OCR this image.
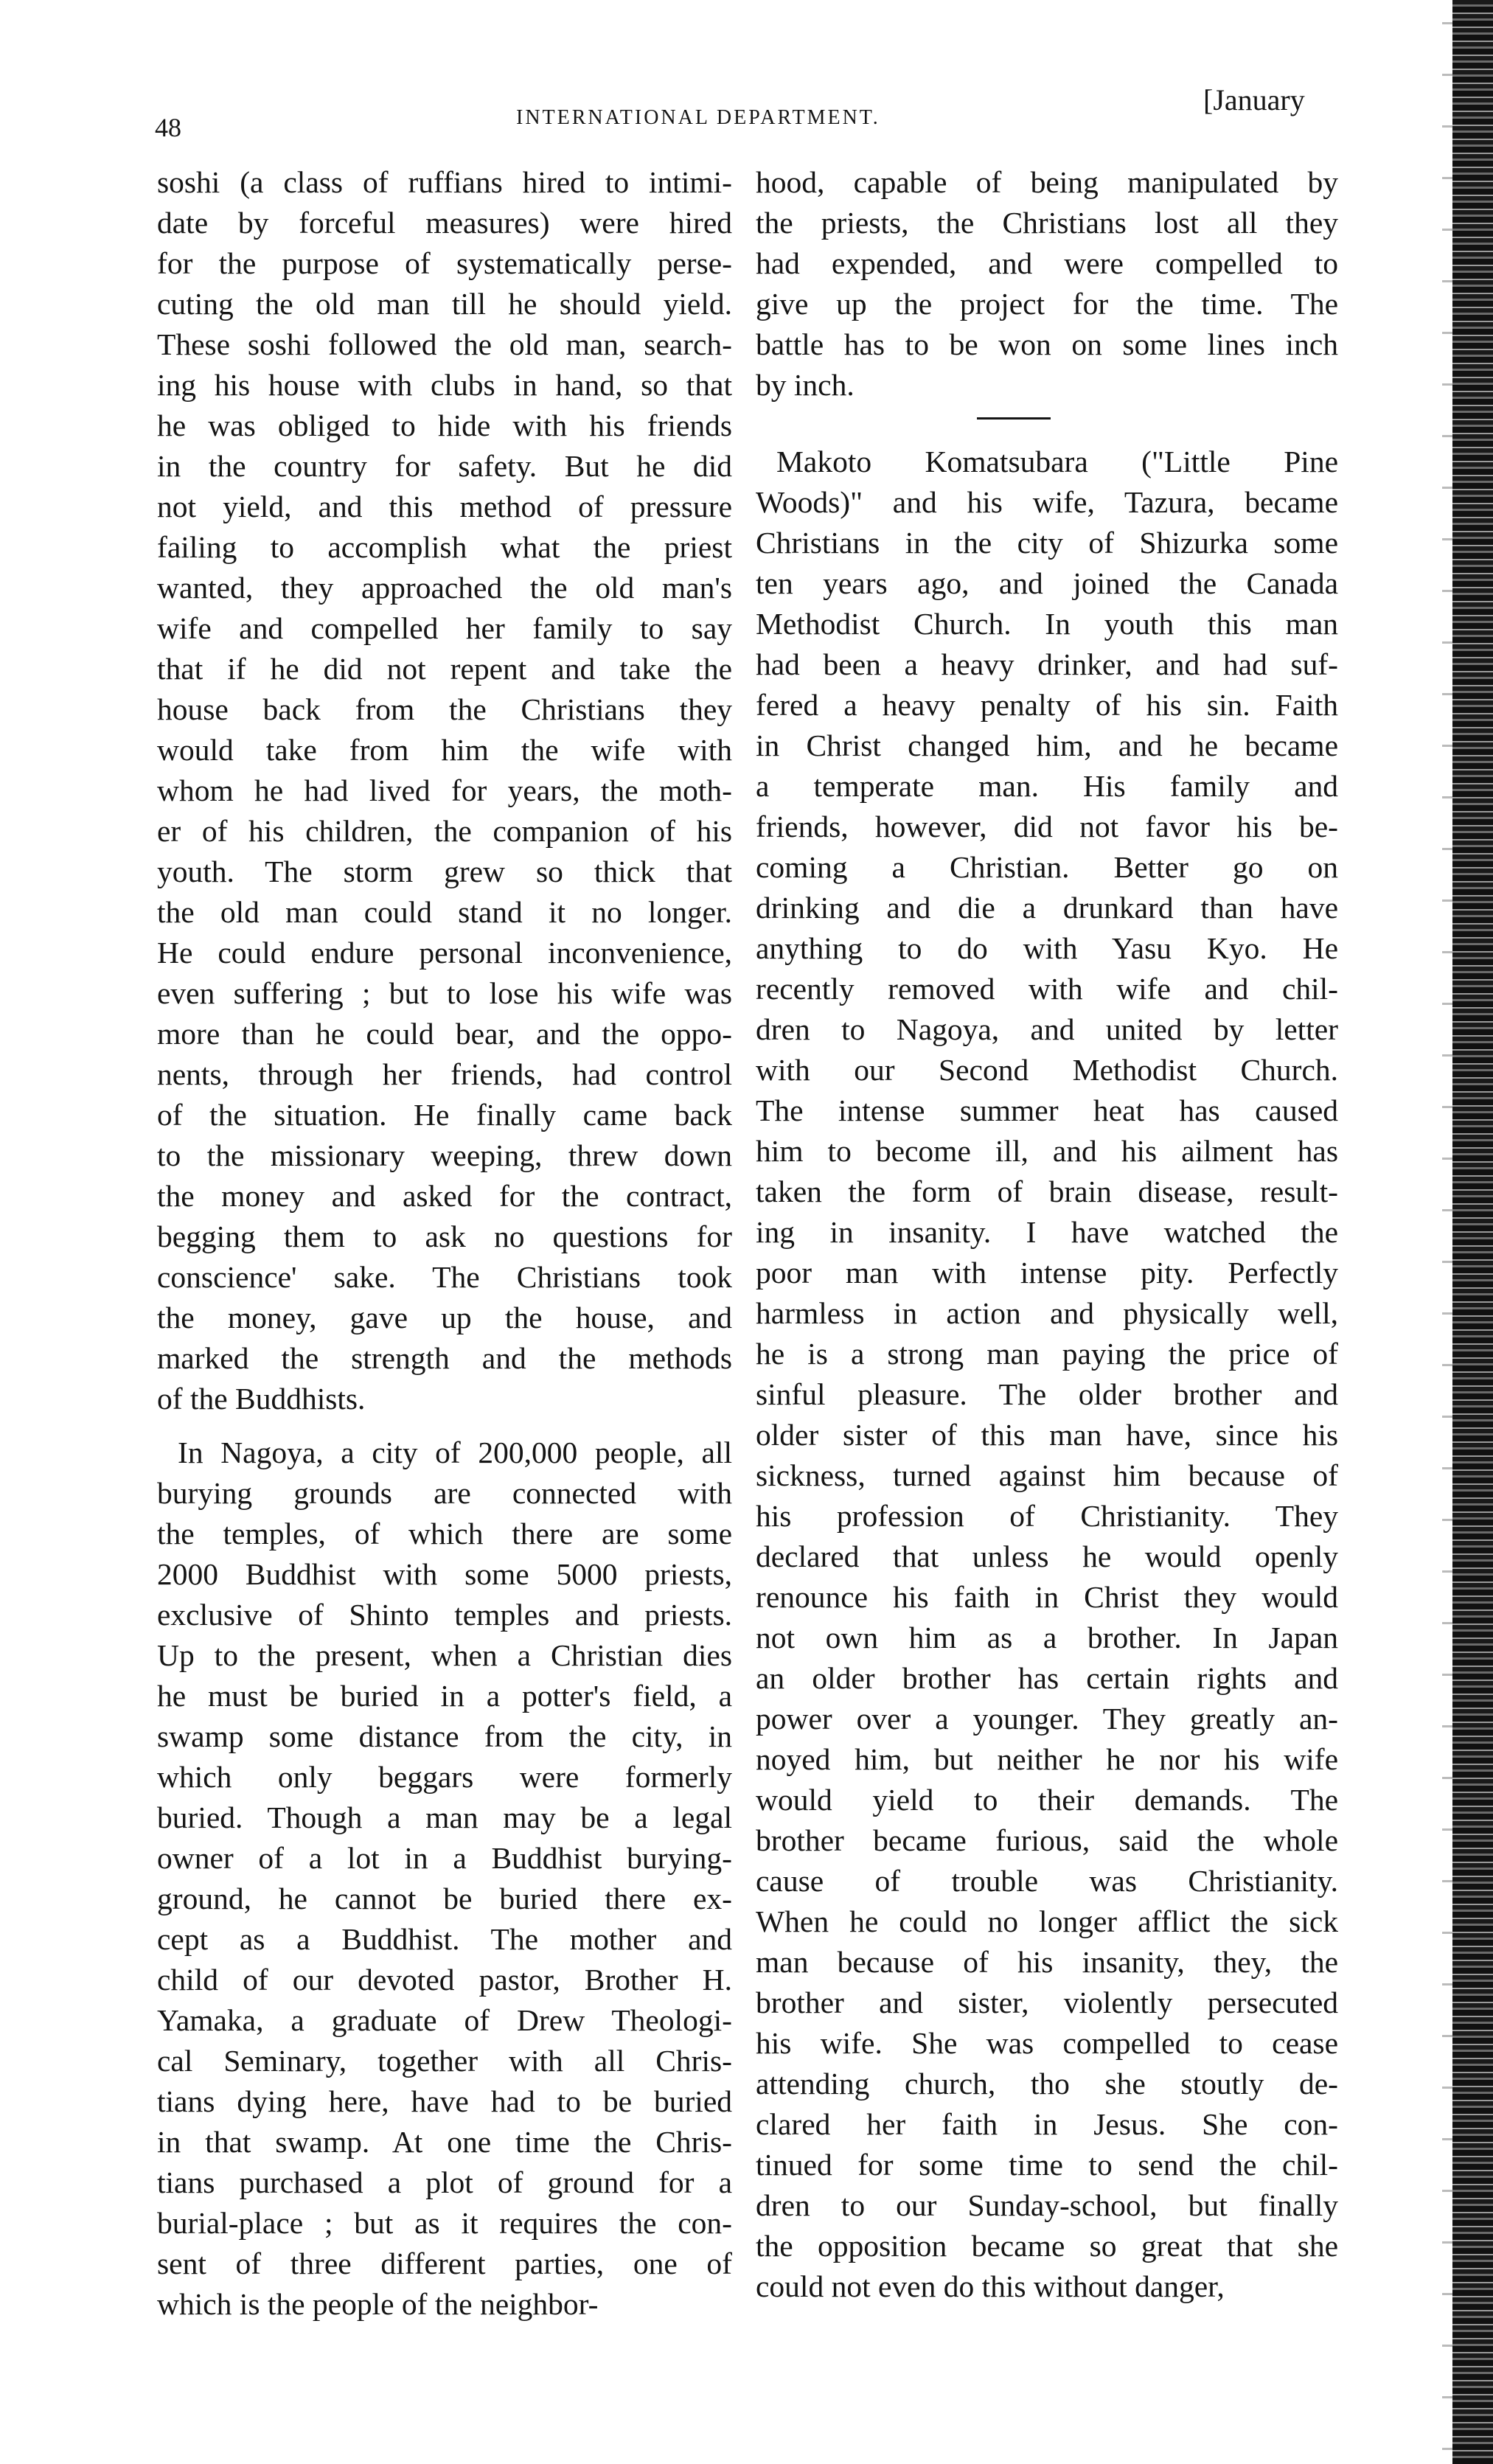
48	INTERNATIONAL DEPARTMENT.
[January
soshi (a class of ruffians hired to intimi-
date by forceful measures) were hired
for the purpose of systematically perse-
cuting the old man till he should yield.
These soshi followed the old man, search-
ing his house with clubs in hand, so that
he was obliged to hide with his friends
in the country for safety. But he did
not yield, and this method of pressure
failing to accomplish what the priest
wanted, they approached the old man's
wife and compelled her family to say
that if he did not repent and take the
house back from the Christians they
would take from him the wife with
whom he had lived for years, the moth-
er of his children, the companion of his
youth. The storm grew so thick that
the old man could stand it no longer.
He could endure personal inconvenience,
even suffering ; but to lose his wife was
more than he could bear, and the oppo-
nents, through her friends, had control
of the situation. He finally came back
to the missionary weeping, threw down
the money and asked for the contract,
begging them to ask no questions for
conscience' sake. The Christians took
the money, gave up the house, and
marked the strength and the methods
of the Buddhists.
In Nagoya, a city of 200,000 people, all
burying grounds are connected with
the temples, of which there are some
2000 Buddhist with some 5000 priests,
exclusive of Shinto temples and priests.
Up to the present, when a Christian dies
he must be buried in a potter's field, a
swamp some distance from the city, in
which only beggars were formerly
buried. Though a man may be a legal
owner of a lot in a Buddhist burying-
ground, he cannot be buried there ex-
cept as a Buddhist. The mother and
child of our devoted pastor, Brother H.
Yamaka, a graduate of Drew Theologi-
cal Seminary, together with all Chris-
tians dying here, have had to be buried
in that swamp. At one time the Chris-
tians purchased a plot of ground for a
burial-place ; but as it requires the con-
sent of three different parties, one of
which is the people of the neighbor-
hood, capable of being manipulated by
the priests, the Christians lost all they
had expended, and were compelled to
give up the project for the time. The
battle has to be won on some lines inch
by inch.
Makoto Komatsubara ("Little Pine
Woods)" and his wife, Tazura, became
Christians in the city of Shizurka some
ten years ago, and joined the Canada
Methodist Church. In youth this man
had been a heavy drinker, and had suf-
fered a heavy penalty of his sin. Faith
in Christ changed him, and he became
a temperate man. His family and
friends, however, did not favor his be-
coming a Christian. Better go on
drinking and die a drunkard than have
anything to do with Yasu Kyo. He
recently removed with wife and chil-
dren to Nagoya, and united by letter
with our Second Methodist Church.
The intense summer heat has caused
him to become ill, and his ailment has
taken the form of brain disease, result-
ing in insanity. I have watched the
poor man with intense pity. Perfectly
harmless in action and physically well,
he is a strong man paying the price of
sinful pleasure. The older brother and
older sister of this man have, since his
sickness, turned against him because of
his profession of Christianity. They
declared that unless he would openly
renounce his faith in Christ they would
not own him as a brother. In Japan
an older brother has certain rights and
power over a younger. They greatly an-
noyed him, but neither he nor his wife
would yield to their demands. The
brother became furious, said the whole
cause of trouble was Christianity.
When he could no longer afflict the sick
man because of his insanity, they, the
brother and sister, violently persecuted
his wife. She was compelled to cease
attending church, tho she stoutly de-
clared her faith in Jesus. She con-
tinued for some time to send the chil-
dren to our Sunday-school, but finally
the opposition became so great that she
could not even do this without danger,
